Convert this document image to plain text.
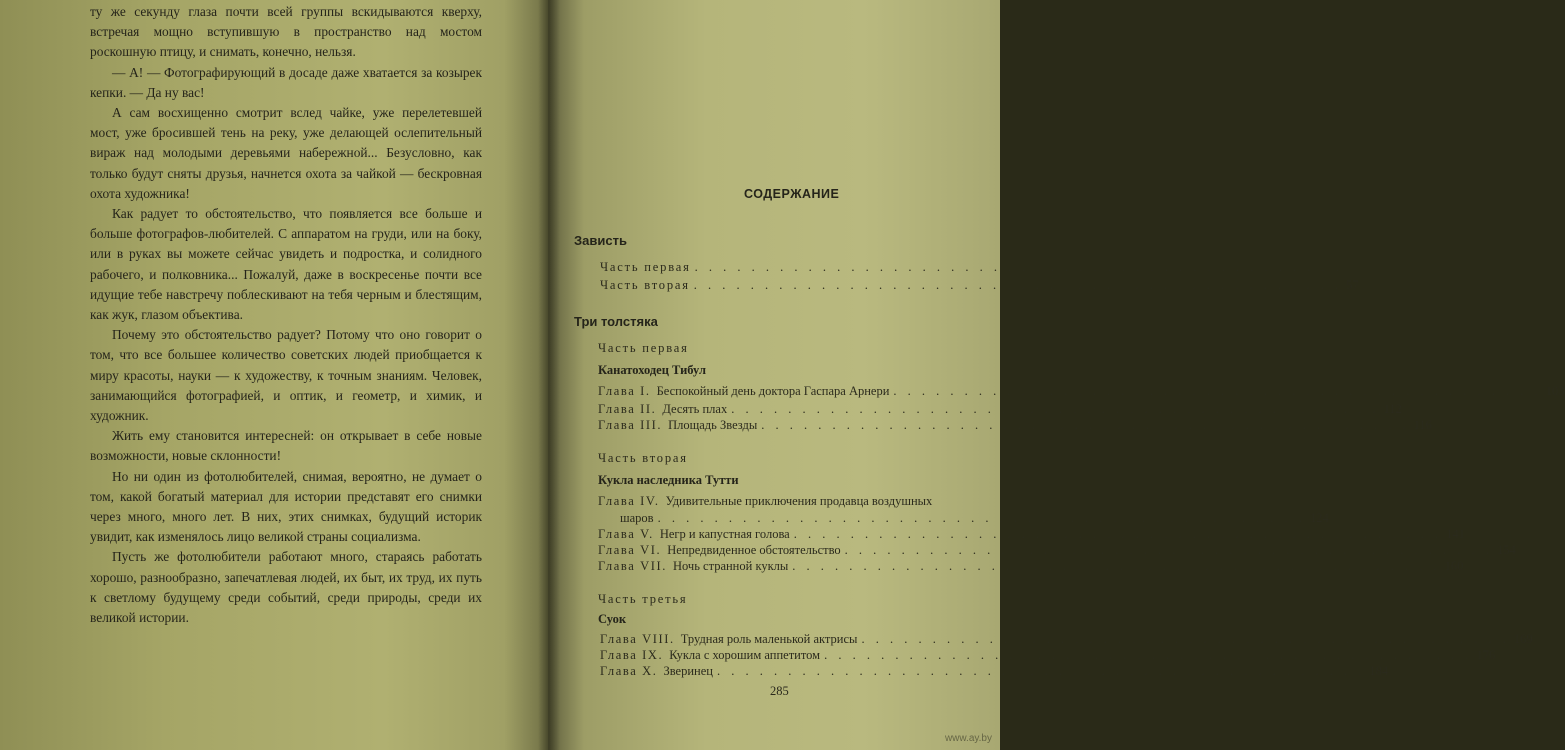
ту же секунду глаза почти всей группы вскидываются кверху, встречая мощно вступившую в пространство над мостом роскошную птицу, и снимать, конечно, нельзя.

— А! — Фотографирующий в досаде даже хватается за козырек кепки. — Да ну вас!

А сам восхищенно смотрит вслед чайке, уже перелетевшей мост, уже бросившей тень на реку, уже делающей ослепительный вираж над молодыми деревьями набережной... Безусловно, как только будут сняты друзья, начнется охота за чайкой — бескровная охота художника!

Как радует то обстоятельство, что появляется все больше и больше фотографов-любителей. С аппаратом на груди, или на боку, или в руках вы можете сейчас увидеть и подростка, и солидного рабочего, и полковника... Пожалуй, даже в воскресенье почти все идущие тебе навстречу поблескивают на тебя черным и блестящим, как жук, глазом объектива.

Почему это обстоятельство радует? Потому что оно говорит о том, что все большее количество советских людей приобщается к миру красоты, науки — к художеству, к точным знаниям. Человек, занимающийся фотографией, и оптик, и геометр, и химик, и художник.

Жить ему становится интересней: он открывает в себе новые возможности, новые склонности!

Но ни один из фотолюбителей, снимая, вероятно, не думает о том, какой богатый материал для истории представят его снимки через много, много лет. В них, этих снимках, будущий историк увидит, как изменялось лицо великой страны социализма.

Пусть же фотолюбители работают много, стараясь работать хорошо, разнообразно, запечатлевая людей, их быт, их труд, их путь к светлому будущему среди событий, среди природы, среди их великой истории.

СОДЕРЖАНИЕ
Зависть
Часть первая . . . . . . . . . . . . . . . . . . . . . . . . . . . . . . . . . . . . . . . . . . . . . .
Часть вторая . . . . . . . . . . . . . . . . . . . . . . . . . . . . . . . . . . . . . . . . . . . . . . 57
Три толстяка
Часть первая
Канатоходец Тибул
Глава I. Беспокойный день доктора Гаспара Арнери . . . . . . . . . . . . . . . . . . . . . . . . . . . . . . . . . . . . . . . . . . . . . . 103
Глава II. Десять плах . . . . . . . . . . . . . . . . . . . . . . . . . . . . . . . . . . . . . . . . . . . . . . 112
Глава III. Площадь Звезды . . . . . . . . . . . . . . . . . . . . . . . . . . . . . . . . . . . . . . . . . . . . . . 116
Часть вторая
Кукла наследника Тутти
Глава IV. Удивительные приключения продавца воздушных
шаров . . . . . . . . . . . . . . . . . . . . . . . . . . . . . . . . . . . . . . . . . . . . . . 124
Глава V. Негр и капустная голова . . . . . . . . . . . . . . . . . . . . . . . . . . . . . . . . . . . . . . . . . . . . . . 141
Глава VI. Непредвиденное обстоятельство . . . . . . . . . . . . . . . . . . . . . . . . . . . . . . . . . . . . . . . . . . . . . . 154
Глава VII. Ночь странной куклы . . . . . . . . . . . . . . . . . . . . . . . . . . . . . . . . . . . . . . . . . . . . . . 160
Часть третья
Суок
Глава VIII. Трудная роль маленькой актрисы . . . . . . . . . . . . . . . . . . . . . . . . . . . . . . . . . . . . . . . . . . . . . . 169
Глава IX. Кукла с хорошим аппетитом . . . . . . . . . . . . . . . . . . . . . . . . . . . . . . . . . . . . . . . . . . . . . . 176
Глава X. Зверинец . . . . . . . . . . . . . . . . . . . . . . . . . . . . . . . . . . . . . . . . . . . . . . 184
285
www.ay.by
